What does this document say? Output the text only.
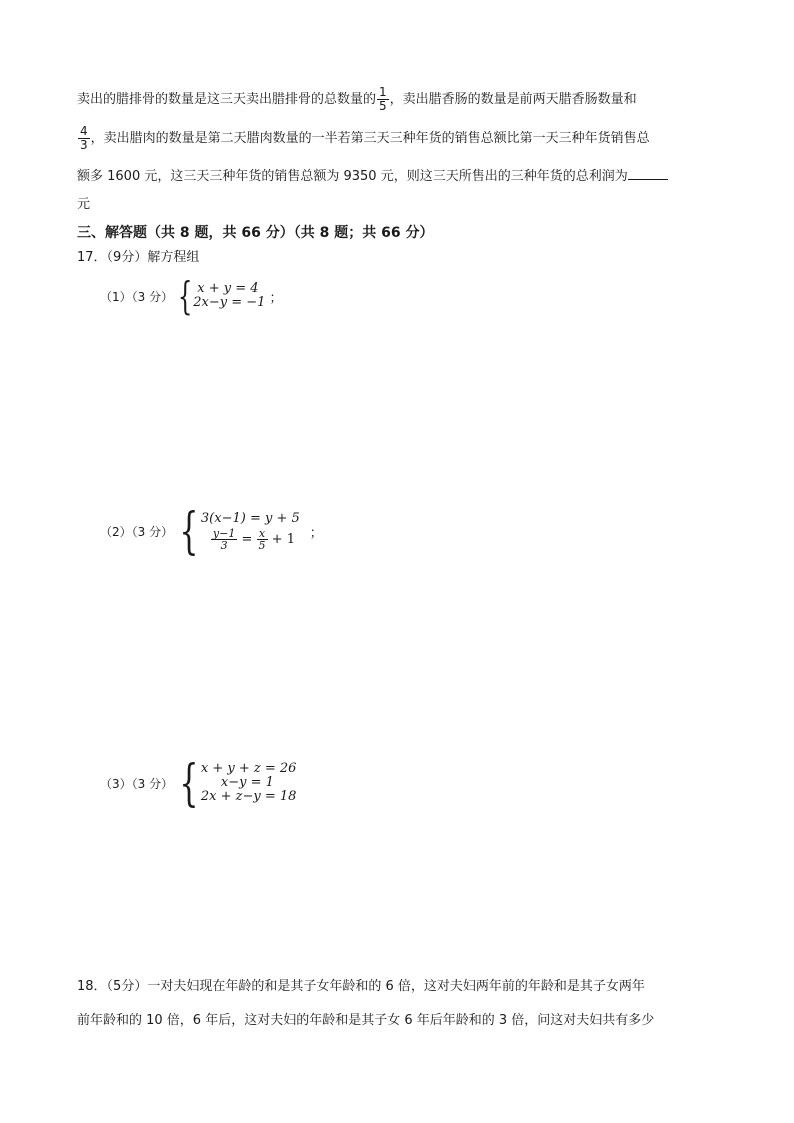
卖出的腊排骨的数量是这三天卖出腊排骨的总数量的 $\frac{1}{5}$ ，卖出腊香肠的数量是前两天腊香肠数量和
$\frac{4}{3}$ ，卖出腊肉的数量是第二天腊肉数量的一半若第三天三种年货的销售总额比第一天三种年货销售总
额多 1600 元，这三天三种年货的销售总额为 9350 元，则这三天所售出的三种年货的总利润为
元
三、解答题（共 8 题，共 66 分）（共 8 题；共 66 分）
17．（9分）解方程组
（1）（3 分） { x + y = 4
2x−y = −1 ；
（2）（3 分） { 3(x−1) = y + 5
$\frac{y-1}{3} = \frac{x}{5} + 1$	；
（3）（3 分） { x + y + z = 26
x−y = 1
2x + z−y = 18
18．（5分）一对夫妇现在年龄的和是其子女年龄和的 6 倍，这对夫妇两年前的年龄和是其子女两年
前年龄和的 10 倍，6 年后，这对夫妇的年龄和是其子女 6 年后年龄和的 3 倍，问这对夫妇共有多少
